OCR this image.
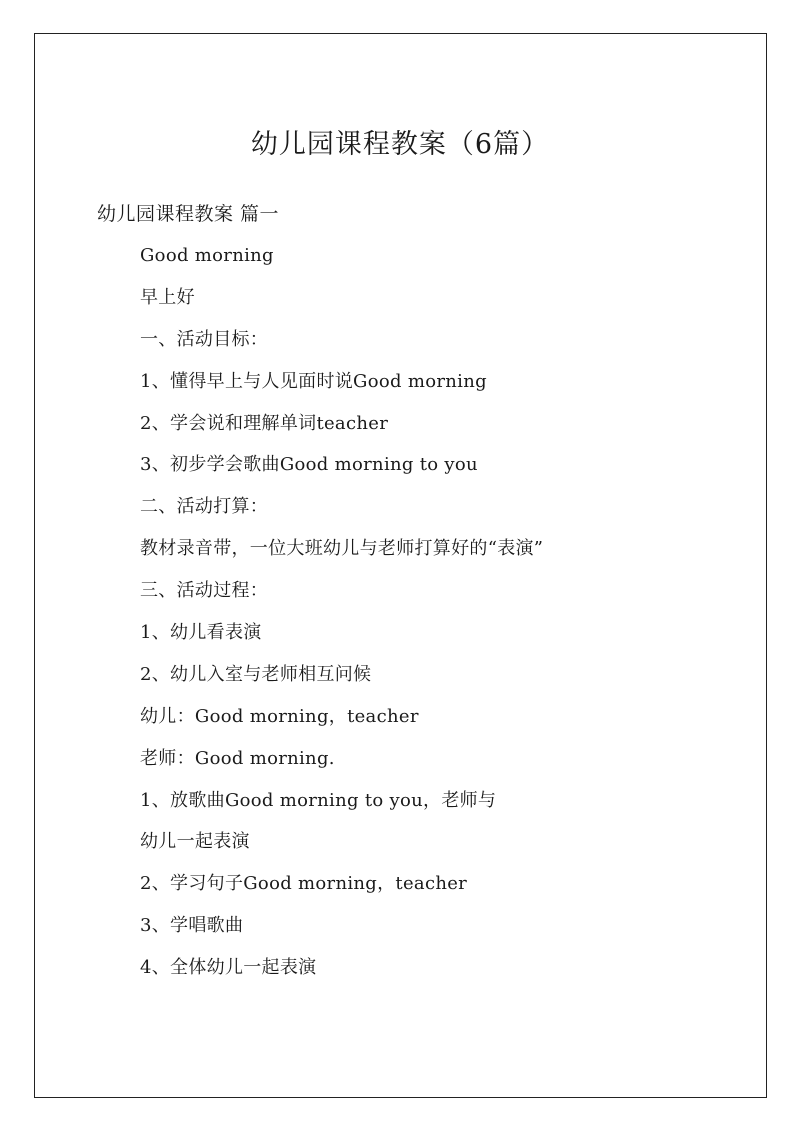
幼儿园课程教案（6篇）
幼儿园课程教案 篇一
Good morning
早上好
一、活动目标：
1、懂得早上与人见面时说Good morning
2、学会说和理解单词teacher
3、初步学会歌曲Good morning to you
二、活动打算：
教材录音带，一位大班幼儿与老师打算好的“表演”
三、活动过程：
1、幼儿看表演
2、幼儿入室与老师相互问候
幼儿：Good morning，teacher
老师：Good morning.
1、放歌曲Good morning to you，老师与
幼儿一起表演
2、学习句子Good morning，teacher
3、学唱歌曲
4、全体幼儿一起表演
